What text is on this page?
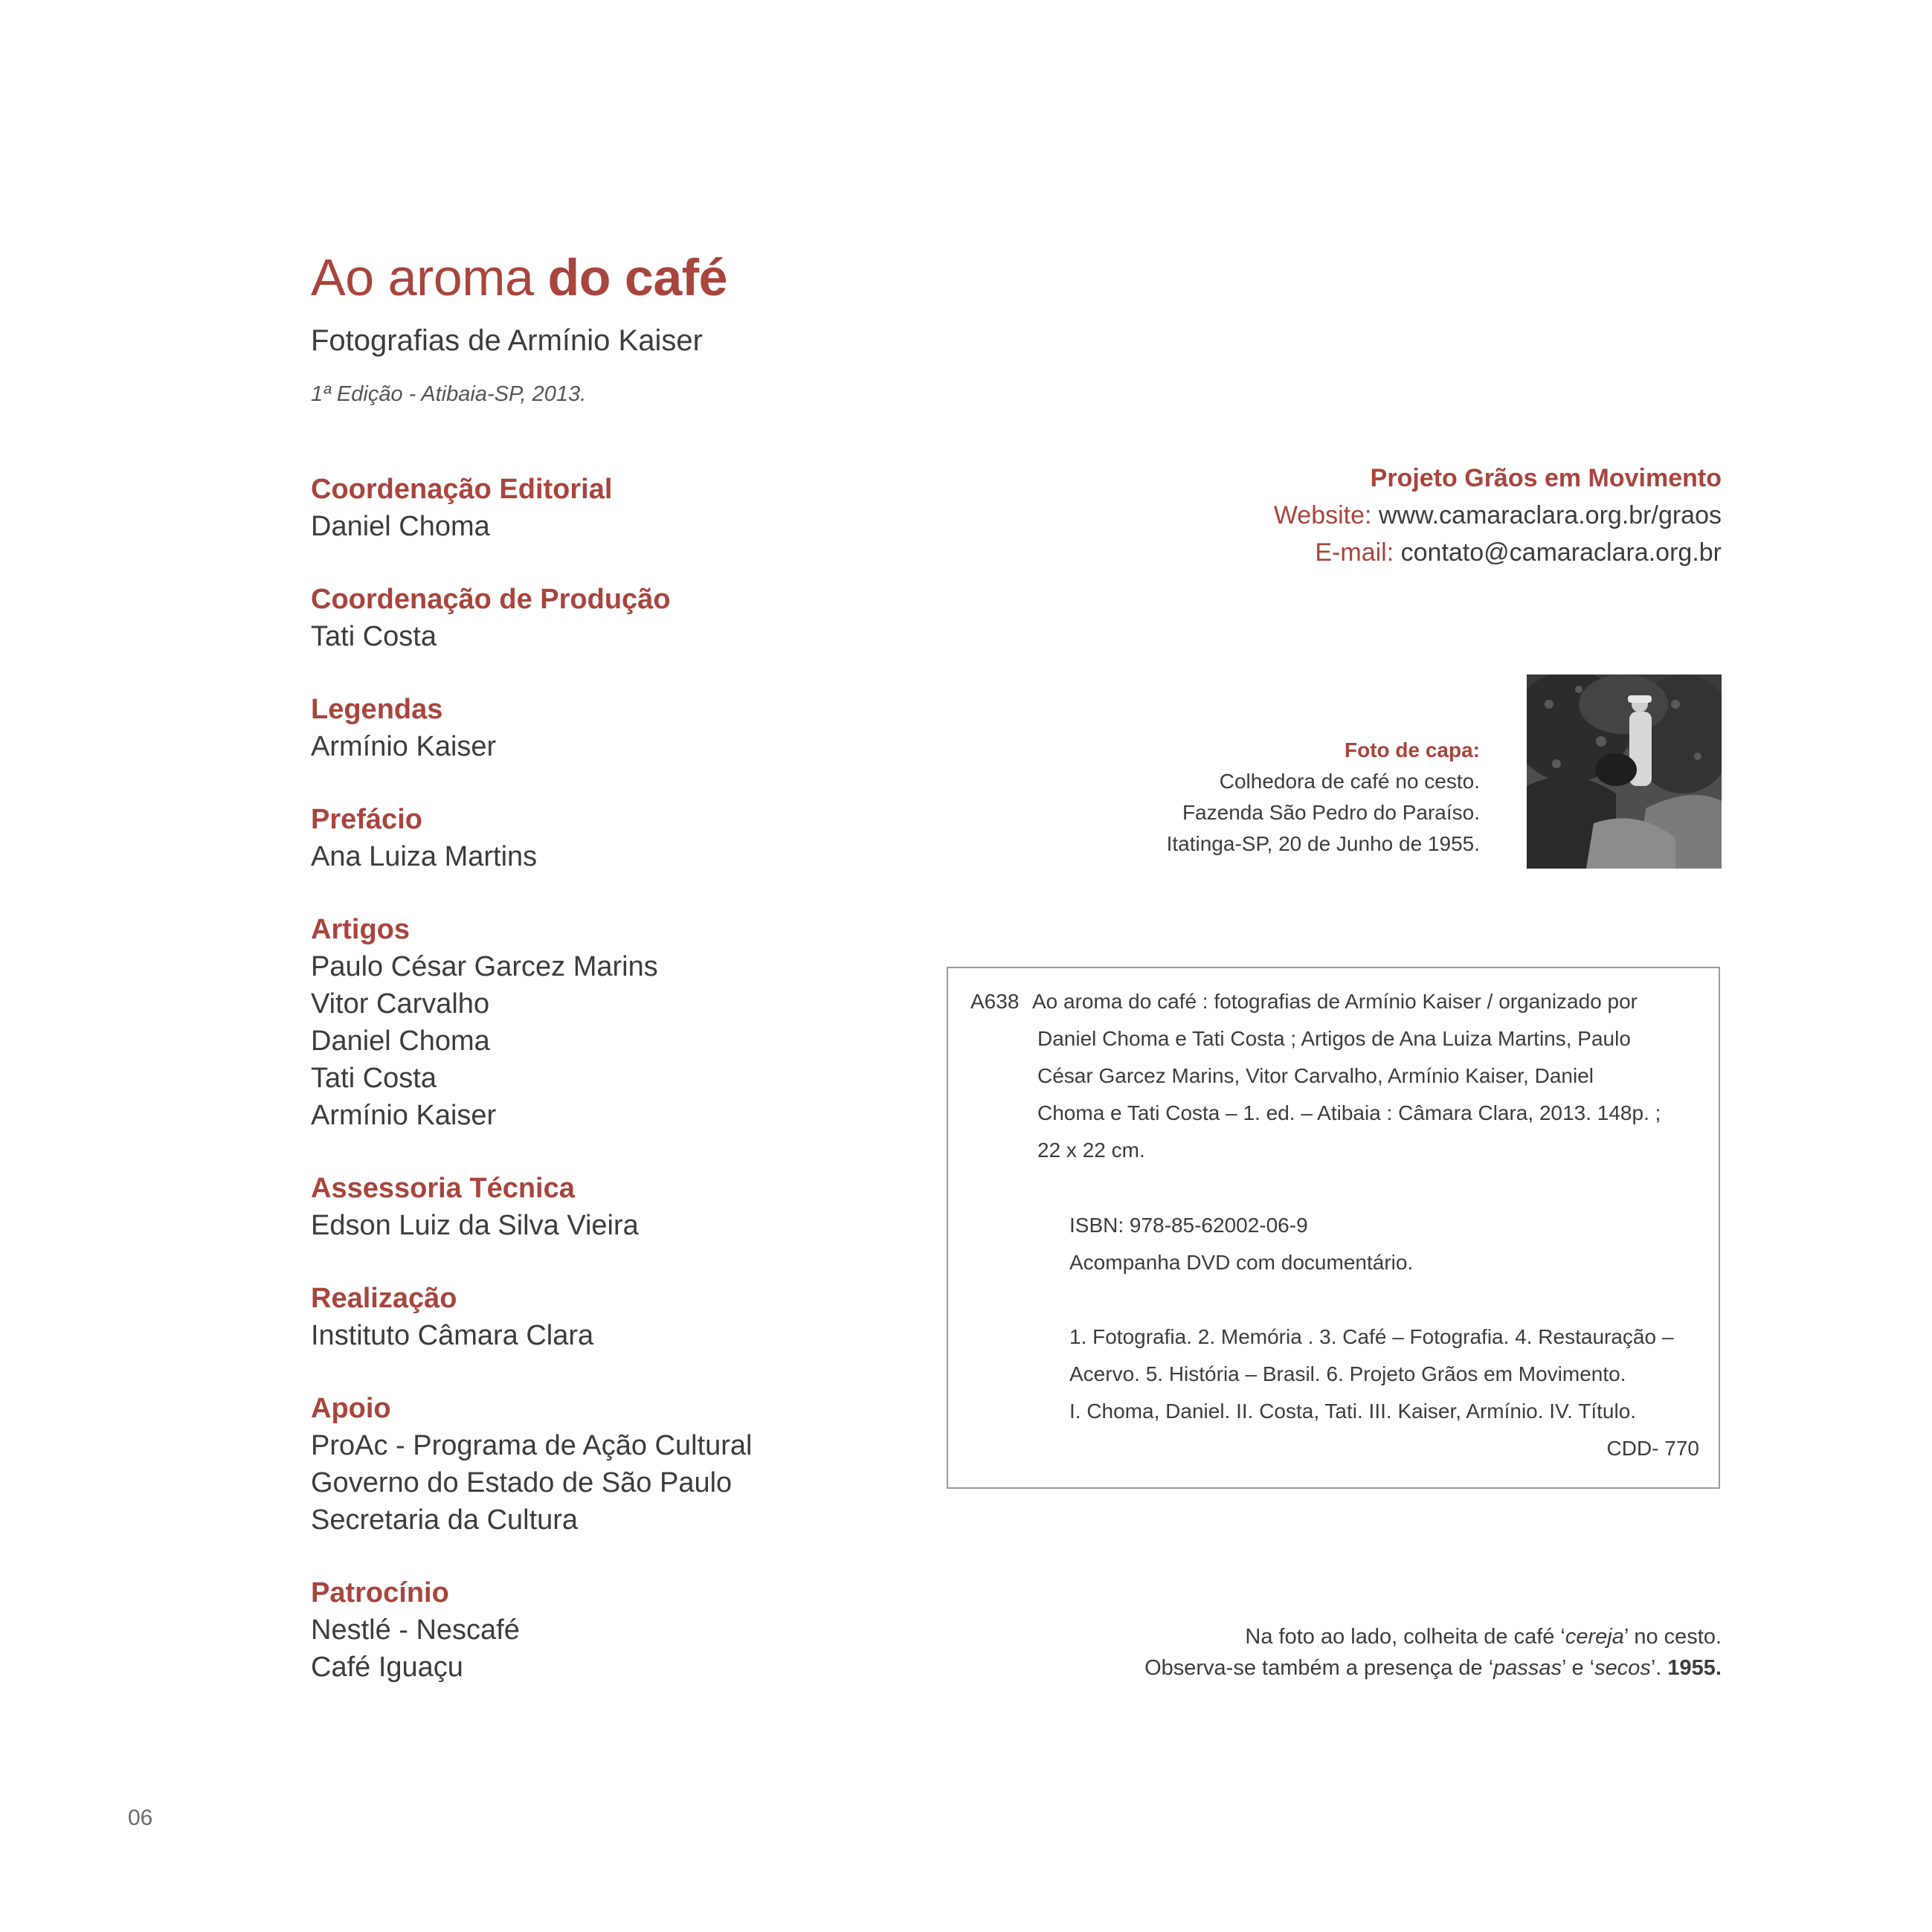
Ao aroma do café
Fotografias de Armínio Kaiser
1ª Edição - Atibaia-SP, 2013.
Coordenação Editorial
Daniel Choma
Coordenação de Produção
Tati Costa
Legendas
Armínio Kaiser
Prefácio
Ana Luiza Martins
Artigos
Paulo César Garcez Marins
Vitor Carvalho
Daniel Choma
Tati Costa
Armínio Kaiser
Assessoria Técnica
Edson Luiz da Silva Vieira
Realização
Instituto Câmara Clara
Apoio
ProAc - Programa de Ação Cultural
Governo do Estado de São Paulo
Secretaria da Cultura
Patrocínio
Nestlé - Nescafé
Café Iguaçu
Projeto Grãos em Movimento
Website: www.camaraclara.org.br/graos
E-mail: contato@camaraclara.org.br
Foto de capa:
Colhedora de café no cesto.
Fazenda São Pedro do Paraíso.
Itatinga-SP, 20 de Junho de 1955.
A638 Ao aroma do café : fotografias de Armínio Kaiser / organizado por
Daniel Choma e Tati Costa ; Artigos de Ana Luiza Martins, Paulo
César Garcez Marins, Vitor Carvalho, Armínio Kaiser, Daniel
Choma e Tati Costa – 1. ed. – Atibaia : Câmara Clara, 2013. 148p. ;
22 x 22 cm.
ISBN: 978-85-62002-06-9
Acompanha DVD com documentário.
1. Fotografia. 2. Memória . 3. Café – Fotografia. 4. Restauração –
Acervo. 5. História – Brasil. 6. Projeto Grãos em Movimento.
I. Choma, Daniel. II. Costa, Tati. III. Kaiser, Armínio. IV. Título.
CDD- 770
Na foto ao lado, colheita de café ‘cereja’ no cesto.
Observa-se também a presença de ‘passas’ e ‘secos’. 1955.
06
